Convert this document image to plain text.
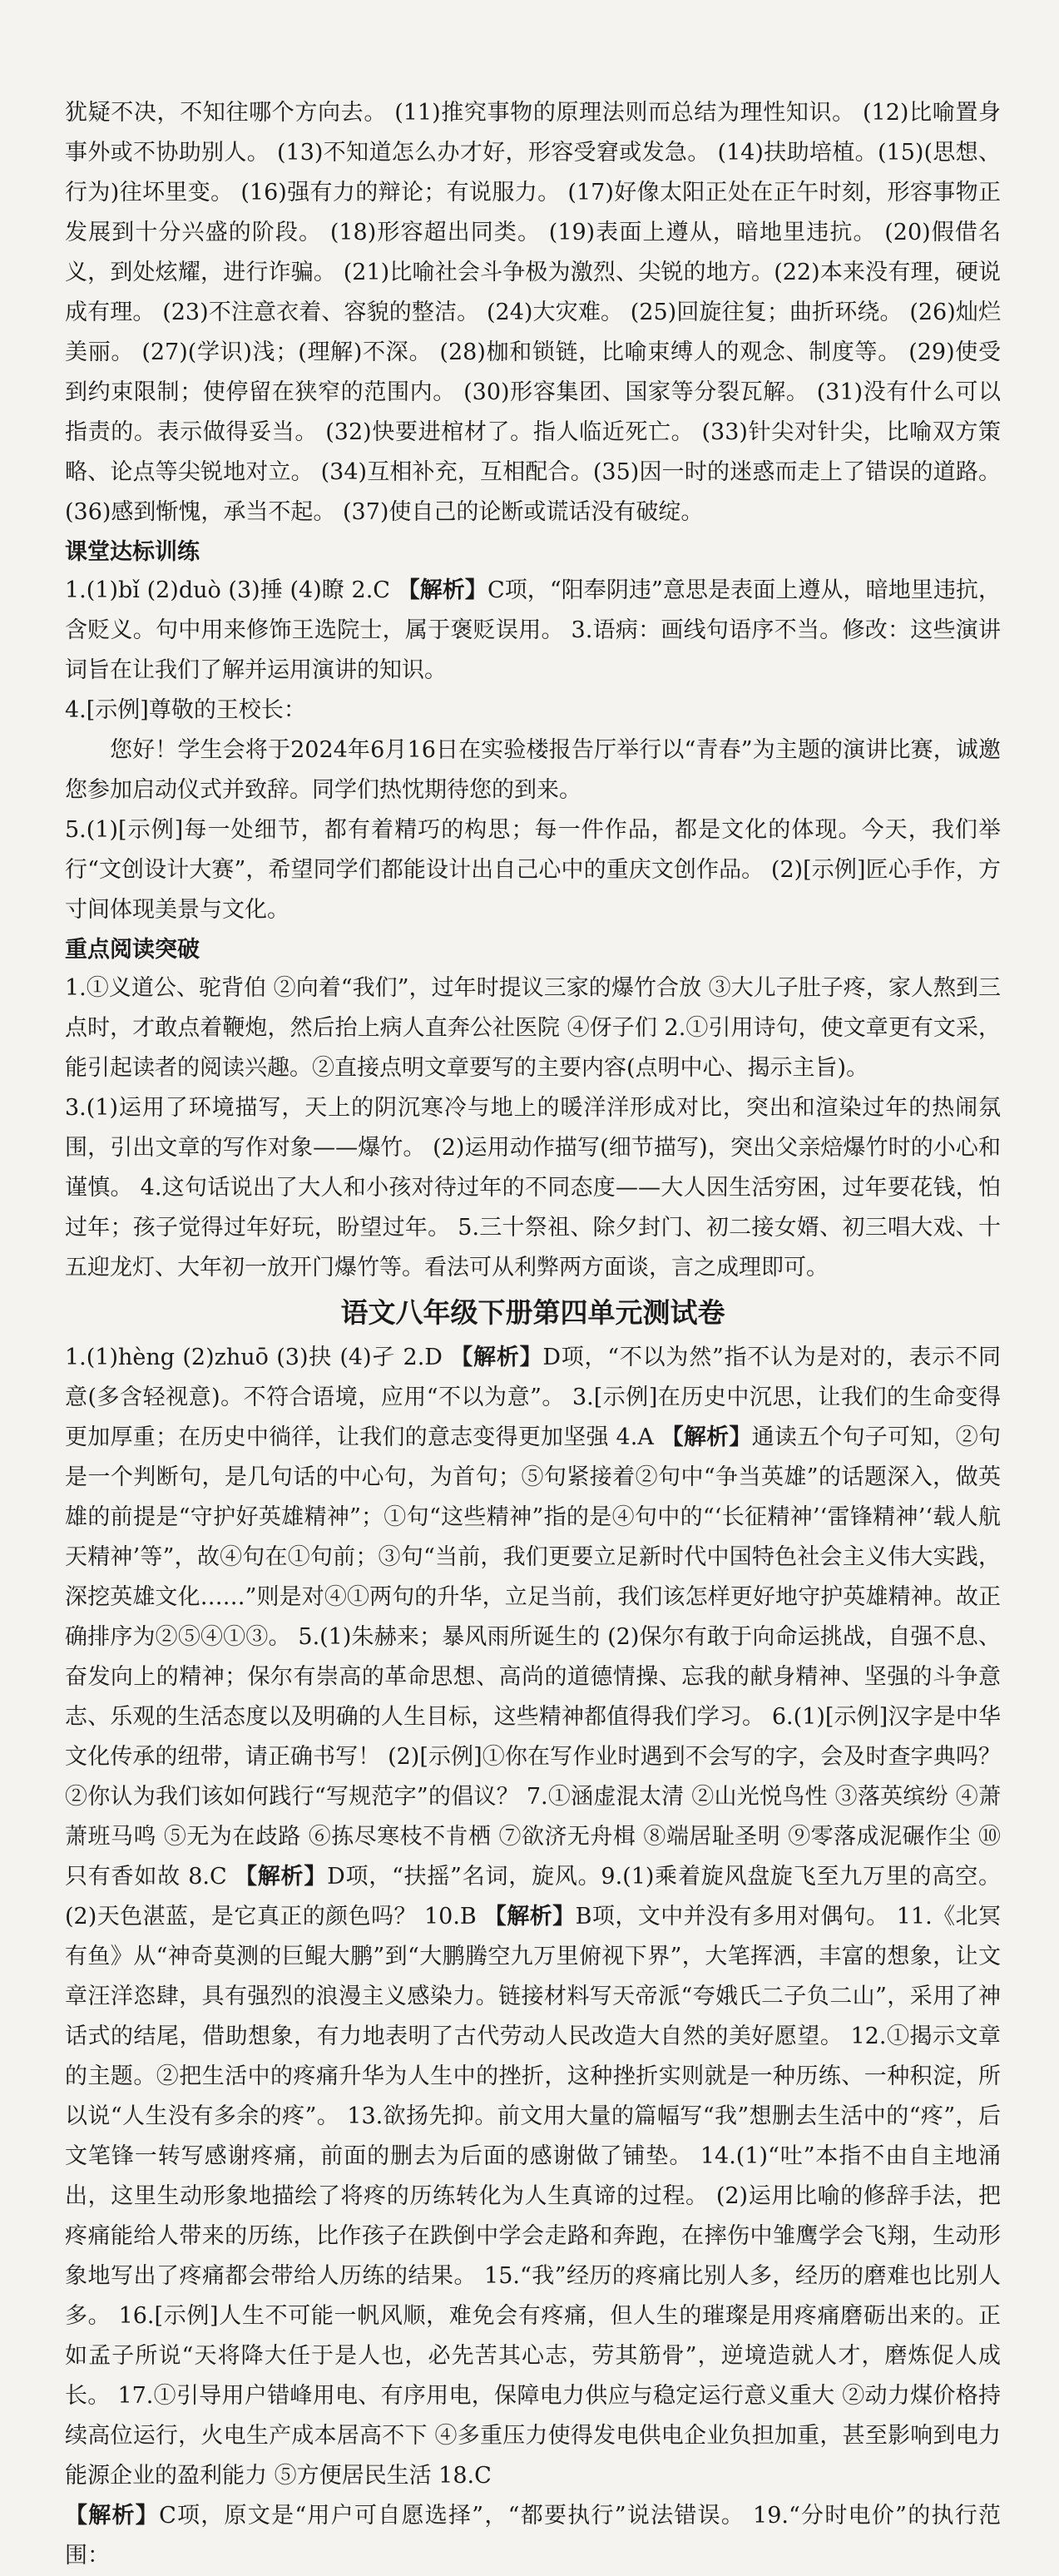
犹疑不决，不知往哪个方向去。 (11)推究事物的原理法则而总结为理性知识。 (12)比喻置身事外或不协助别人。 (13)不知道怎么办才好，形容受窘或发急。 (14)扶助培植。(15)(思想、行为)往坏里变。 (16)强有力的辩论；有说服力。 (17)好像太阳正处在正午时刻，形容事物正发展到十分兴盛的阶段。 (18)形容超出同类。 (19)表面上遵从，暗地里违抗。 (20)假借名义，到处炫耀，进行诈骗。 (21)比喻社会斗争极为激烈、尖锐的地方。(22)本来没有理，硬说成有理。 (23)不注意衣着、容貌的整洁。 (24)大灾难。 (25)回旋往复；曲折环绕。 (26)灿烂美丽。 (27)(学识)浅；(理解)不深。 (28)枷和锁链，比喻束缚人的观念、制度等。 (29)使受到约束限制；使停留在狭窄的范围内。 (30)形容集团、国家等分裂瓦解。 (31)没有什么可以指责的。表示做得妥当。 (32)快要进棺材了。指人临近死亡。 (33)针尖对针尖，比喻双方策略、论点等尖锐地对立。 (34)互相补充，互相配合。(35)因一时的迷惑而走上了错误的道路。 (36)感到惭愧，承当不起。 (37)使自己的论断或谎话没有破绽。

课堂达标训练

1.(1)bǐ (2)duò (3)捶 (4)瞭 2.C 【解析】C项，“阳奉阴违”意思是表面上遵从，暗地里违抗，含贬义。句中用来修饰王选院士，属于褒贬误用。 3.语病：画线句语序不当。修改：这些演讲词旨在让我们了解并运用演讲的知识。

4.[示例]尊敬的王校长：

您好！学生会将于2024年6月16日在实验楼报告厅举行以“青春”为主题的演讲比赛，诚邀您参加启动仪式并致辞。同学们热忱期待您的到来。

5.(1)[示例]每一处细节，都有着精巧的构思；每一件作品，都是文化的体现。今天，我们举行“文创设计大赛”，希望同学们都能设计出自己心中的重庆文创作品。 (2)[示例]匠心手作，方寸间体现美景与文化。

重点阅读突破

1.①义道公、驼背伯 ②向着“我们”，过年时提议三家的爆竹合放 ③大儿子肚子疼，家人熬到三点时，才敢点着鞭炮，然后抬上病人直奔公社医院 ④伢子们 2.①引用诗句，使文章更有文采，能引起读者的阅读兴趣。②直接点明文章要写的主要内容(点明中心、揭示主旨)。

3.(1)运用了环境描写，天上的阴沉寒冷与地上的暖洋洋形成对比，突出和渲染过年的热闹氛围，引出文章的写作对象——爆竹。 (2)运用动作描写(细节描写)，突出父亲焙爆竹时的小心和谨慎。 4.这句话说出了大人和小孩对待过年的不同态度——大人因生活穷困，过年要花钱，怕过年；孩子觉得过年好玩，盼望过年。 5.三十祭祖、除夕封门、初二接女婿、初三唱大戏、十五迎龙灯、大年初一放开门爆竹等。看法可从利弊两方面谈，言之成理即可。

语文八年级下册第四单元测试卷

1.(1)hèng (2)zhuō (3)抉 (4)孑 2.D 【解析】D项，“不以为然”指不认为是对的，表示不同意(多含轻视意)。不符合语境，应用“不以为意”。 3.[示例]在历史中沉思，让我们的生命变得更加厚重；在历史中徜徉，让我们的意志变得更加坚强 4.A 【解析】通读五个句子可知，②句是一个判断句，是几句话的中心句，为首句；⑤句紧接着②句中“争当英雄”的话题深入，做英雄的前提是“守护好英雄精神”；①句“这些精神”指的是④句中的“‘长征精神’‘雷锋精神’‘载人航天精神’等”，故④句在①句前；③句“当前，我们更要立足新时代中国特色社会主义伟大实践，深挖英雄文化……”则是对④①两句的升华，立足当前，我们该怎样更好地守护英雄精神。故正确排序为②⑤④①③。 5.(1)朱赫来；暴风雨所诞生的 (2)保尔有敢于向命运挑战，自强不息、奋发向上的精神；保尔有崇高的革命思想、高尚的道德情操、忘我的献身精神、坚强的斗争意志、乐观的生活态度以及明确的人生目标，这些精神都值得我们学习。 6.(1)[示例]汉字是中华文化传承的纽带，请正确书写！ (2)[示例]①你在写作业时遇到不会写的字，会及时查字典吗？②你认为我们该如何践行“写规范字”的倡议？ 7.①涵虚混太清 ②山光悦鸟性 ③落英缤纷 ④萧萧班马鸣 ⑤无为在歧路 ⑥拣尽寒枝不肯栖 ⑦欲济无舟楫 ⑧端居耻圣明 ⑨零落成泥碾作尘 ⑩只有香如故 8.C 【解析】D项，“扶摇”名词，旋风。9.(1)乘着旋风盘旋飞至九万里的高空。 (2)天色湛蓝，是它真正的颜色吗？ 10.B 【解析】B项，文中并没有多用对偶句。 11.《北冥有鱼》从“神奇莫测的巨鲲大鹏”到“大鹏腾空九万里俯视下界”，大笔挥洒，丰富的想象，让文章汪洋恣肆，具有强烈的浪漫主义感染力。链接材料写天帝派“夸娥氏二子负二山”，采用了神话式的结尾，借助想象，有力地表明了古代劳动人民改造大自然的美好愿望。 12.①揭示文章的主题。②把生活中的疼痛升华为人生中的挫折，这种挫折实则就是一种历练、一种积淀，所以说“人生没有多余的疼”。 13.欲扬先抑。前文用大量的篇幅写“我”想删去生活中的“疼”，后文笔锋一转写感谢疼痛，前面的删去为后面的感谢做了铺垫。 14.(1)“吐”本指不由自主地涌出，这里生动形象地描绘了将疼的历练转化为人生真谛的过程。 (2)运用比喻的修辞手法，把疼痛能给人带来的历练，比作孩子在跌倒中学会走路和奔跑，在摔伤中雏鹰学会飞翔，生动形象地写出了疼痛都会带给人历练的结果。 15.“我”经历的疼痛比别人多，经历的磨难也比别人多。 16.[示例]人生不可能一帆风顺，难免会有疼痛，但人生的璀璨是用疼痛磨砺出来的。正如孟子所说“天将降大任于是人也，必先苦其心志，劳其筋骨”，逆境造就人才，磨炼促人成长。 17.①引导用户错峰用电、有序用电，保障电力供应与稳定运行意义重大 ②动力煤价格持续高位运行，火电生产成本居高不下 ④多重压力使得发电供电企业负担加重，甚至影响到电力能源企业的盈利能力 ⑤方便居民生活 18.C
【解析】C项，原文是“用户可自愿选择”，“都要执行”说法错误。 19.“分时电价”的执行范围：
